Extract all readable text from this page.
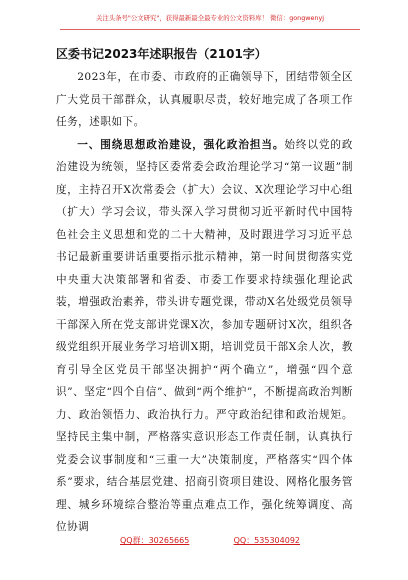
关注头条号"公文研究"，获得最新最全最专业的公文资料库！ 微信：gongwenyj
区委书记2023年述职报告（2101字）

2023年，在市委、市政府的正确领导下，团结带领全区广大党员干部群众，认真履职尽责，较好地完成了各项工作任务，述职如下。

一、围绕思想政治建设，强化政治担当。始终以党的政治建设为统领，坚持区委常委会政治理论学习“第一议题”制度，主持召开X次常委会（扩大）会议、X次理论学习中心组（扩大）学习会议，带头深入学习贯彻习近平新时代中国特色社会主义思想和党的二十大精神，及时跟进学习习近平总书记最新重要讲话重要指示批示精神，第一时间贯彻落实党中央重大决策部署和省委、市委工作要求持续强化理论武装，增强政治素养，带头讲专题党课，带动X名处级党员领导干部深入所在党支部讲党课X次，参加专题研讨X次，组织各级党组织开展业务学习培训X期，培训党员干部X余人次，教育引导全区党员干部坚决拥护“两个确立”，增强“四个意识”、坚定“四个自信”、做到“两个维护”，不断提高政治判断力、政治领悟力、政治执行力。严守政治纪律和政治规矩。坚持民主集中制，严格落实意识形态工作责任制，认真执行党委会议事制度和“三重一大”决策制度，严格落实“四个体系”要求，结合基层党建、招商引资项目建设、网格化服务管理、城乡环境综合整治等重点难点工作，强化统筹调度、高位协调

QQ群：30265665	QQ：535304092
